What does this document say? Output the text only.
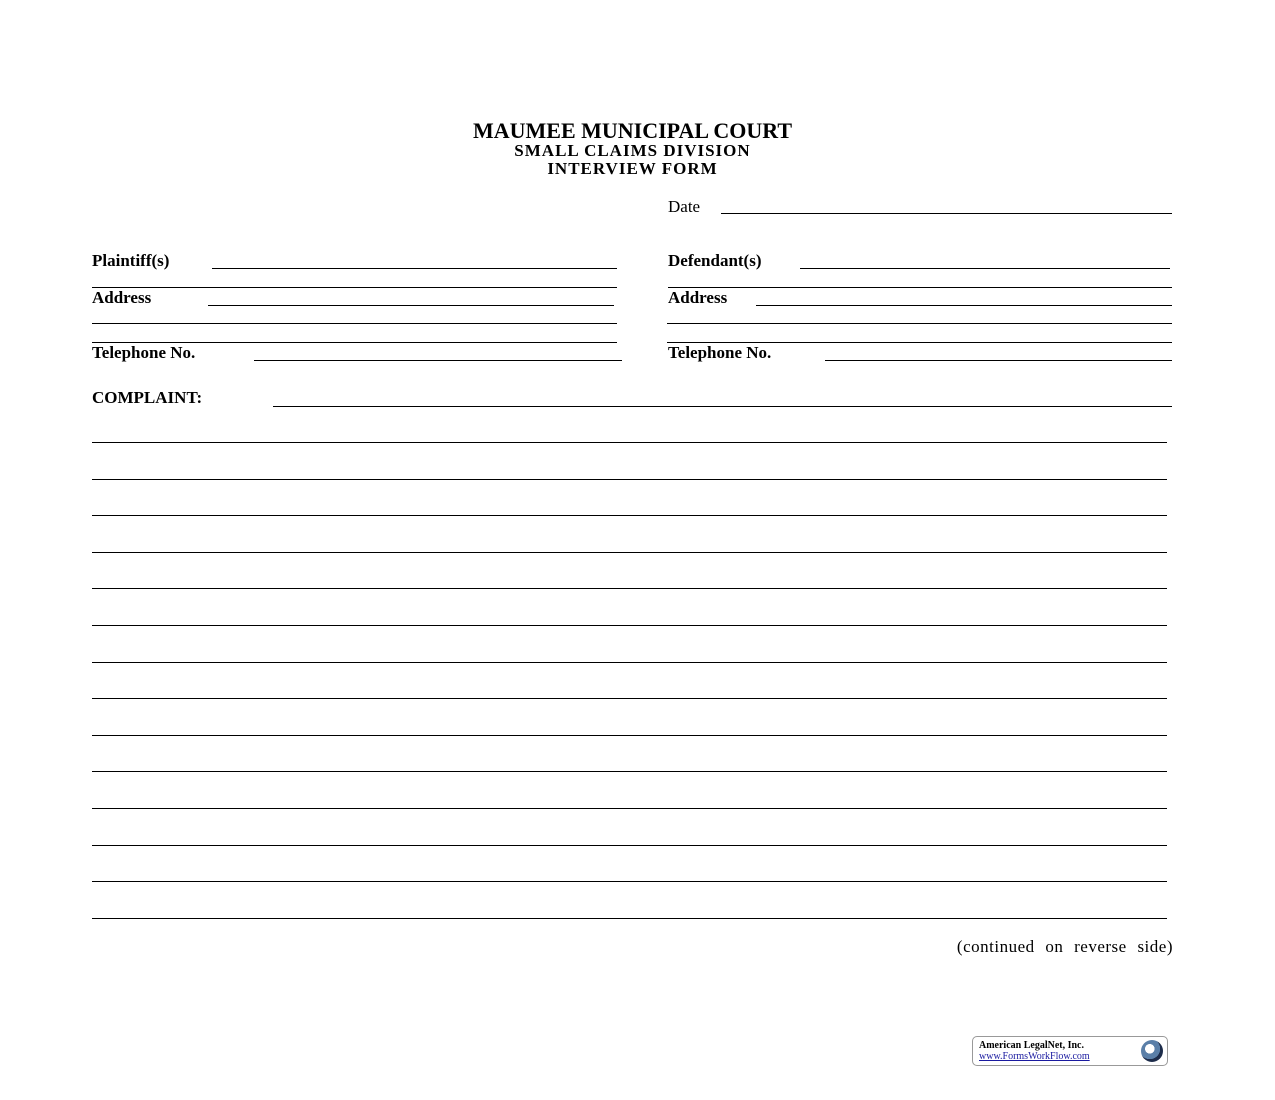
MAUMEE MUNICIPAL COURT
SMALL CLAIMS DIVISION
INTERVIEW FORM
Date
Plaintiff(s)
Address
Telephone No.
Defendant(s)
Address
Telephone No.
COMPLAINT:
(continued on reverse side)
American LegalNet, Inc.
www.FormsWorkFlow.com
